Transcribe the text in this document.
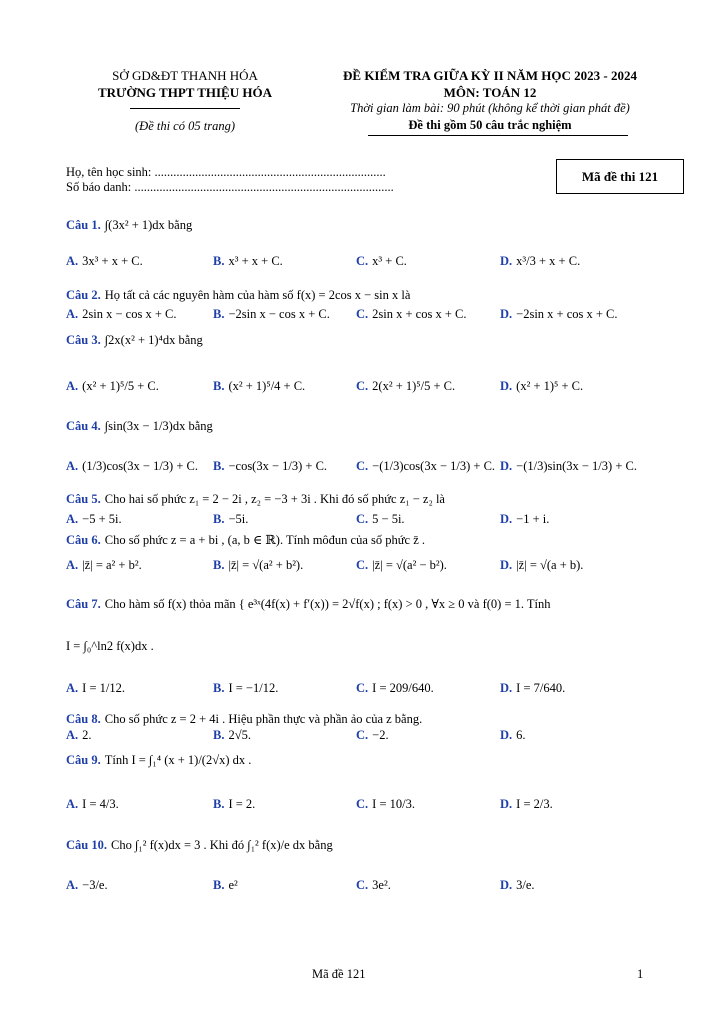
SỞ GD&ĐT THANH HÓA
TRƯỜNG THPT THIỆU HÓA
(Đề thi có 05 trang)
ĐỀ KIỂM TRA GIỮA KỲ II NĂM HỌC 2023 - 2024
MÔN: TOÁN 12
Thời gian làm bài: 90 phút (không kể thời gian phát đề)
Đề thi gồm 50 câu trắc nghiệm
Họ, tên học sinh: ..........................................................................
Số báo danh: ...................................................................................
Mã đề thi 121
Câu 1. ∫(3x² + 1)dx bằng
A. 3x³ + x + C.	B. x³ + x + C.	C. x³ + C.	D. x³/3 + x + C.
Câu 2. Họ tất cả các nguyên hàm của hàm số f(x) = 2cos x − sin x là
A. 2sin x − cos x + C.	B. −2sin x − cos x + C. C. 2sin x + cos x + C.	D. −2sin x + cos x + C.
Câu 3. ∫2x(x² + 1)⁴dx bằng
A. (x² + 1)⁵/5 + C.	B. (x² + 1)⁵/4 + C.	C. 2(x² + 1)⁵/5 + C.	D. (x² + 1)⁵ + C.
Câu 4. ∫sin(3x − 1/3)dx bằng
A. (1/3)cos(3x − 1/3) + C. B. −cos(3x − 1/3) + C. C. −(1/3)cos(3x − 1/3) + C. D. −(1/3)sin(3x − 1/3) + C.
Câu 5. Cho hai số phức z₁ = 2 − 2i , z₂ = −3 + 3i . Khi đó số phức z₁ − z₂ là
A. −5 + 5i.	B. −5i.	C. 5 − 5i.	D. −1 + i.
Câu 6. Cho số phức z = a + bi , (a, b ∈ ℝ). Tính môđun của số phức z̄ .
A. |z̄| = a² + b².	B. |z̄| = √(a² + b²).	C. |z̄| = √(a² − b²).	D. |z̄| = √(a + b).
Câu 7. Cho hàm số f(x) thỏa mãn { e³ˣ(4f(x) + f′(x)) = 2√f(x) ; f(x) > 0 , ∀x ≥ 0 và f(0) = 1. Tính
I = ∫₀^ln2 f(x)dx .
A. I = 1/12.	B. I = −1/12.	C. I = 209/640.	D. I = 7/640.
Câu 8. Cho số phức z = 2 + 4i . Hiệu phần thực và phần ảo của z bằng.
A. 2.	B. 2√5.	C. −2.	D. 6.
Câu 9. Tính I = ∫₁⁴ (x + 1)/(2√x) dx .
A. I = 4/3.	B. I = 2.	C. I = 10/3.	D. I = 2/3.
Câu 10. Cho ∫₁² f(x)dx = 3 . Khi đó ∫₁² f(x)/e dx bằng
A. −3/e.	B. e²	C. 3e².	D. 3/e.
Mã đề 121	1
